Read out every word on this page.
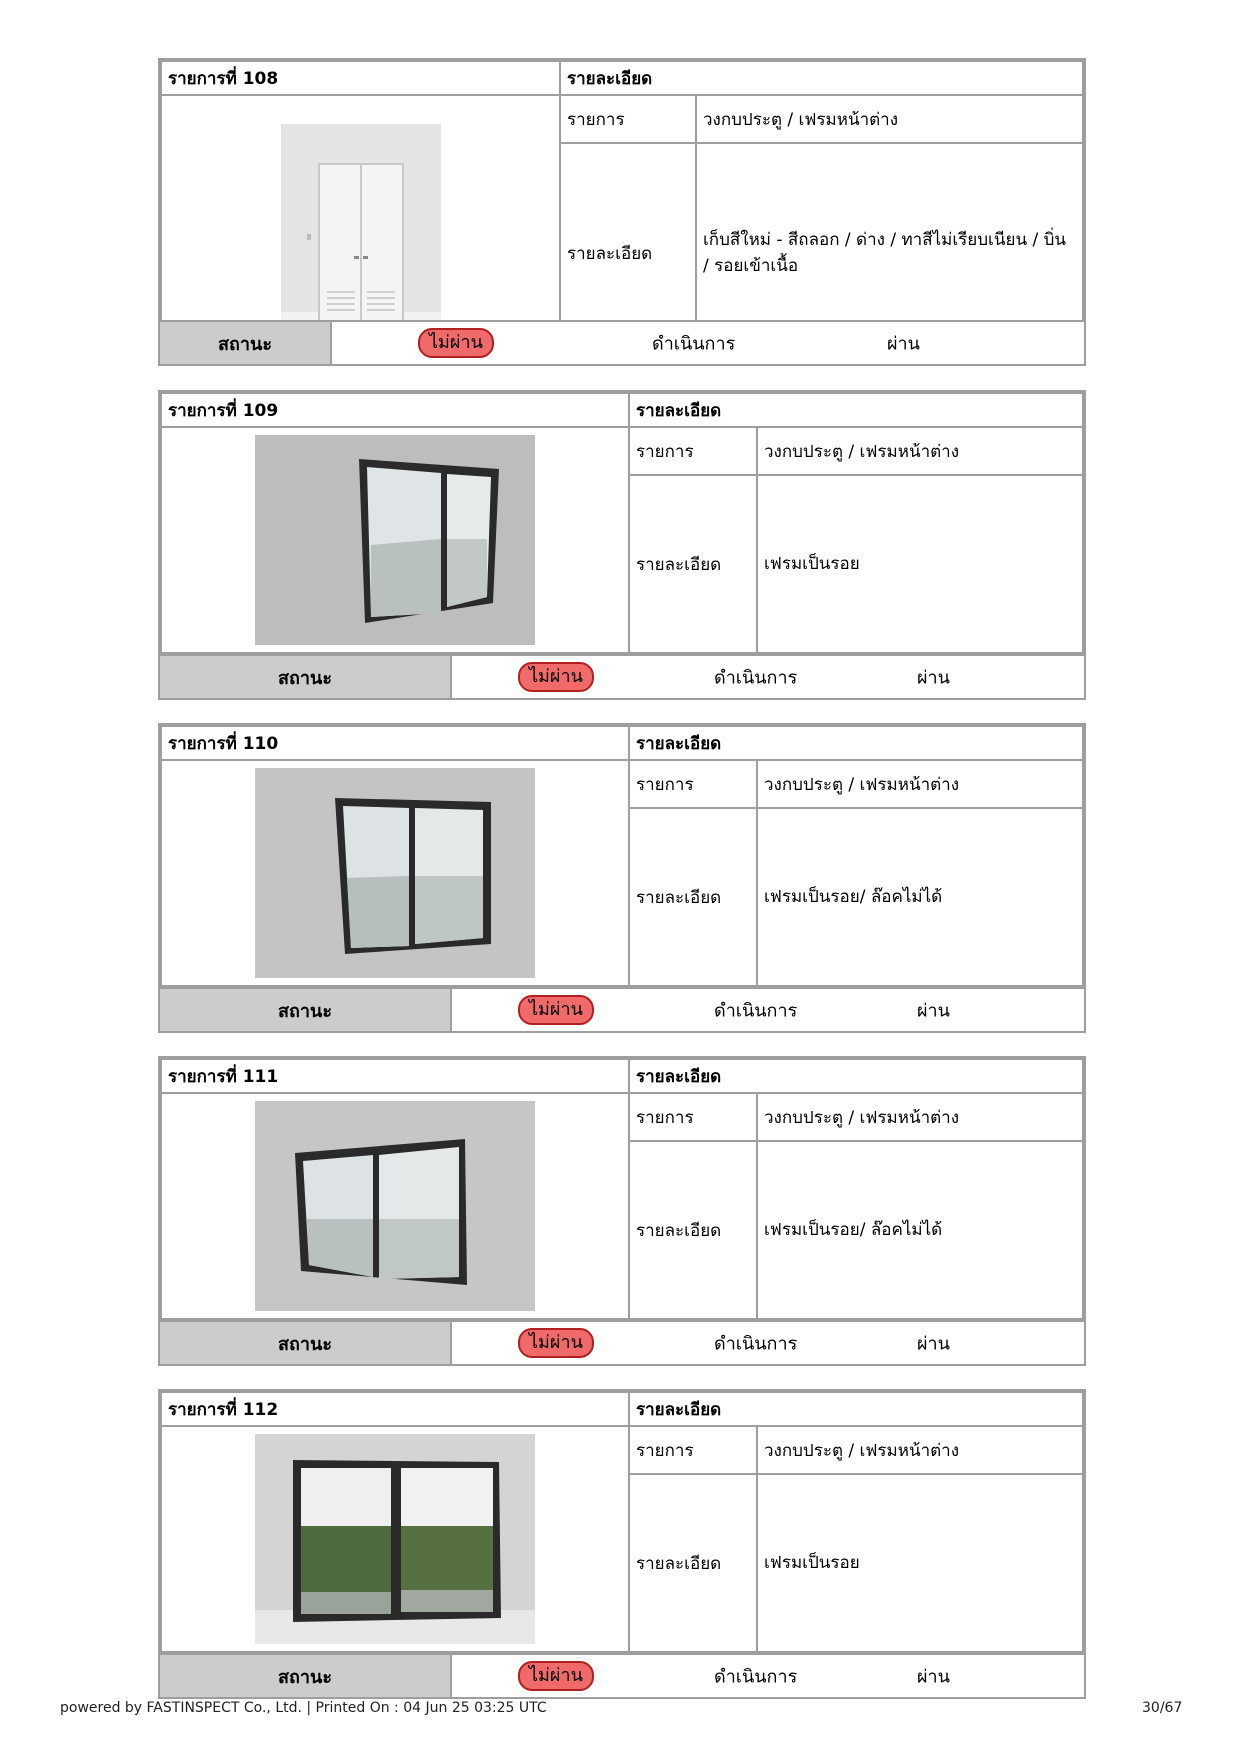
รายการที่ 108	รายละเอียด	
	รายการ	วงกบประตู / เฟรมหน้าต่าง
	รายละเอียด	เก็บสีใหม่ - สีถลอก / ด่าง / ทาสีไม่เรียบเนียน / บิ่น / รอยเข้าเนื้อ
สถานะ	ไม่ผ่าน	ดำเนินการ	ผ่าน
รายการที่ 109	รายละเอียด	
	รายการ	วงกบประตู / เฟรมหน้าต่าง
	รายละเอียด	เฟรมเป็นรอย
สถานะ	ไม่ผ่าน	ดำเนินการ	ผ่าน
รายการที่ 110	รายละเอียด	
	รายการ	วงกบประตู / เฟรมหน้าต่าง
	รายละเอียด	เฟรมเป็นรอย/ ล๊อคไม่ได้
สถานะ	ไม่ผ่าน	ดำเนินการ	ผ่าน
รายการที่ 111	รายละเอียด	
	รายการ	วงกบประตู / เฟรมหน้าต่าง
	รายละเอียด	เฟรมเป็นรอย/ ล๊อคไม่ได้
สถานะ	ไม่ผ่าน	ดำเนินการ	ผ่าน
รายการที่ 112	รายละเอียด	
	รายการ	วงกบประตู / เฟรมหน้าต่าง
	รายละเอียด	เฟรมเป็นรอย
สถานะ	ไม่ผ่าน	ดำเนินการ	ผ่าน
powered by FASTINSPECT Co., Ltd. | Printed On : 04 Jun 25 03:25 UTC	30/67
